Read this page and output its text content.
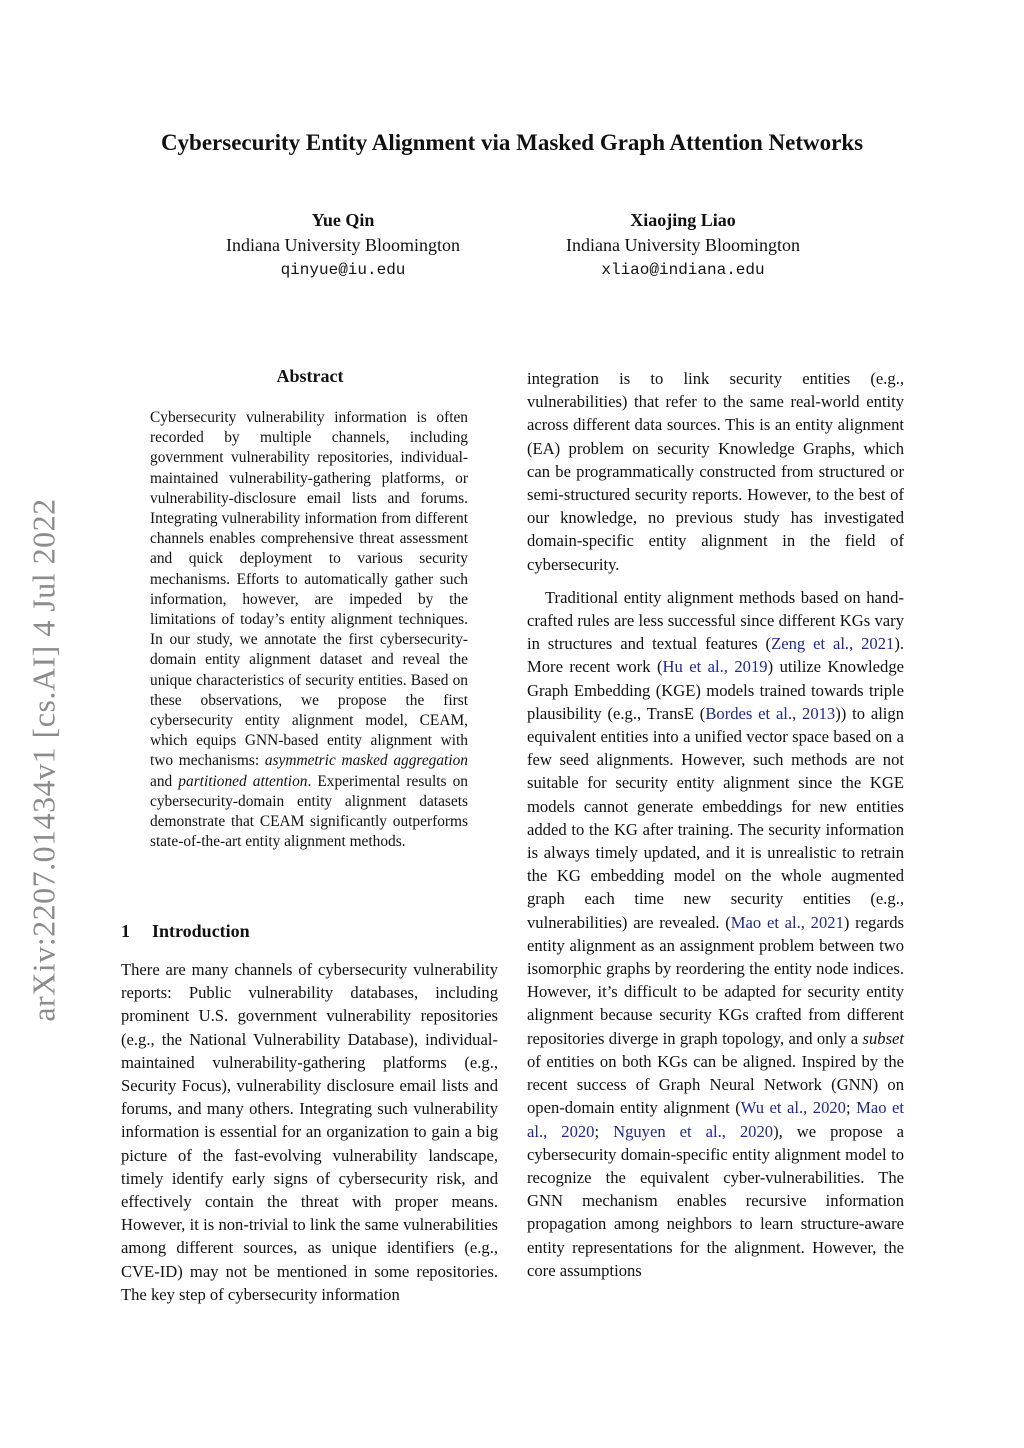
Cybersecurity Entity Alignment via Masked Graph Attention Networks
Yue Qin
Indiana University Bloomington
qinyue@iu.edu
Xiaojing Liao
Indiana University Bloomington
xliao@indiana.edu
arXiv:2207.01434v1 [cs.AI] 4 Jul 2022
Abstract

Cybersecurity vulnerability information is often recorded by multiple channels, including government vulnerability repositories, individual-maintained vulnerability-gathering platforms, or vulnerability-disclosure email lists and forums. Integrating vulnerability information from different channels enables comprehensive threat assessment and quick deployment to various security mechanisms. Efforts to automatically gather such information, however, are impeded by the limitations of today’s entity alignment techniques. In our study, we annotate the first cybersecurity-domain entity alignment dataset and reveal the unique characteristics of security entities. Based on these observations, we propose the first cybersecurity entity alignment model, CEAM, which equips GNN-based entity alignment with two mechanisms: asymmetric masked aggregation and partitioned attention. Experimental results on cybersecurity-domain entity alignment datasets demonstrate that CEAM significantly outperforms state-of-the-art entity alignment methods.

1 Introduction

There are many channels of cybersecurity vulnerability reports: Public vulnerability databases, including prominent U.S. government vulnerability repositories (e.g., the National Vulnerability Database), individual-maintained vulnerability-gathering platforms (e.g., Security Focus), vulnerability disclosure email lists and forums, and many others. Integrating such vulnerability information is essential for an organization to gain a big picture of the fast-evolving vulnerability landscape, timely identify early signs of cybersecurity risk, and effectively contain the threat with proper means. However, it is non-trivial to link the same vulnerabilities among different sources, as unique identifiers (e.g., CVE-ID) may not be mentioned in some repositories. The key step of cybersecurity information

integration is to link security entities (e.g., vulnerabilities) that refer to the same real-world entity across different data sources. This is an entity alignment (EA) problem on security Knowledge Graphs, which can be programmatically constructed from structured or semi-structured security reports. However, to the best of our knowledge, no previous study has investigated domain-specific entity alignment in the field of cybersecurity.

Traditional entity alignment methods based on hand-crafted rules are less successful since different KGs vary in structures and textual features (Zeng et al., 2021). More recent work (Hu et al., 2019) utilize Knowledge Graph Embedding (KGE) models trained towards triple plausibility (e.g., TransE (Bordes et al., 2013)) to align equivalent entities into a unified vector space based on a few seed alignments. However, such methods are not suitable for security entity alignment since the KGE models cannot generate embeddings for new entities added to the KG after training. The security information is always timely updated, and it is unrealistic to retrain the KG embedding model on the whole augmented graph each time new security entities (e.g., vulnerabilities) are revealed. (Mao et al., 2021) regards entity alignment as an assignment problem between two isomorphic graphs by reordering the entity node indices. However, it’s difficult to be adapted for security entity alignment because security KGs crafted from different repositories diverge in graph topology, and only a subset of entities on both KGs can be aligned. Inspired by the recent success of Graph Neural Network (GNN) on open-domain entity alignment (Wu et al., 2020; Mao et al., 2020; Nguyen et al., 2020), we propose a cybersecurity domain-specific entity alignment model to recognize the equivalent cyber-vulnerabilities. The GNN mechanism enables recursive information propagation among neighbors to learn structure-aware entity representations for the alignment. However, the core assumptions
